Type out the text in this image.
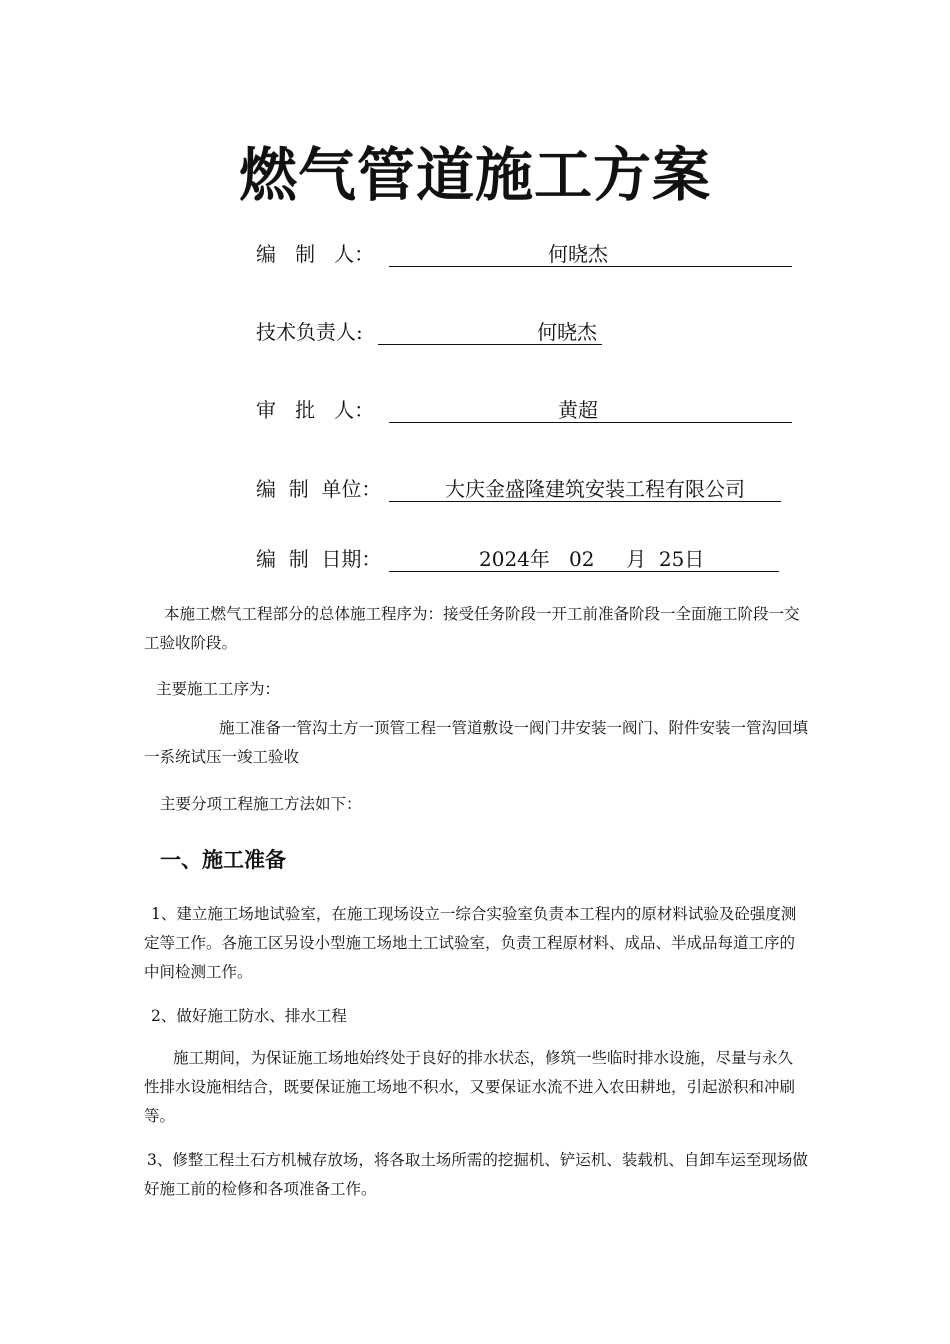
燃气管道施工方案
编   制   人：	何晓杰
技术负责人:	何晓杰
审   批   人：	黄超
编  制  单位：	大庆金盛隆建筑安装工程有限公司
编  制  日期：	2024年   02     月  25日
本施工燃气工程部分的总体施工程序为：接受任务阶段一开工前准备阶段一全面施工阶段一交工验收阶段。
主要施工工序为：
施工准备一管沟土方一顶管工程一管道敷设一阀门井安装一阀门、附件安装一管沟回填一系统试压一竣工验收
主要分项工程施工方法如下：
一、施工准备
1、建立施工场地试验室，在施工现场设立一综合实验室负责本工程内的原材料试验及砼强度测定等工作。各施工区另设小型施工场地土工试验室，负责工程原材料、成品、半成品每道工序的中间检测工作。
2、做好施工防水、排水工程
施工期间，为保证施工场地始终处于良好的排水状态，修筑一些临时排水设施，尽量与永久性排水设施相结合，既要保证施工场地不积水，又要保证水流不进入农田耕地，引起淤积和冲刷等。
3、修整工程土石方机械存放场，将各取土场所需的挖掘机、铲运机、装载机、自卸车运至现场做好施工前的检修和各项准备工作。
